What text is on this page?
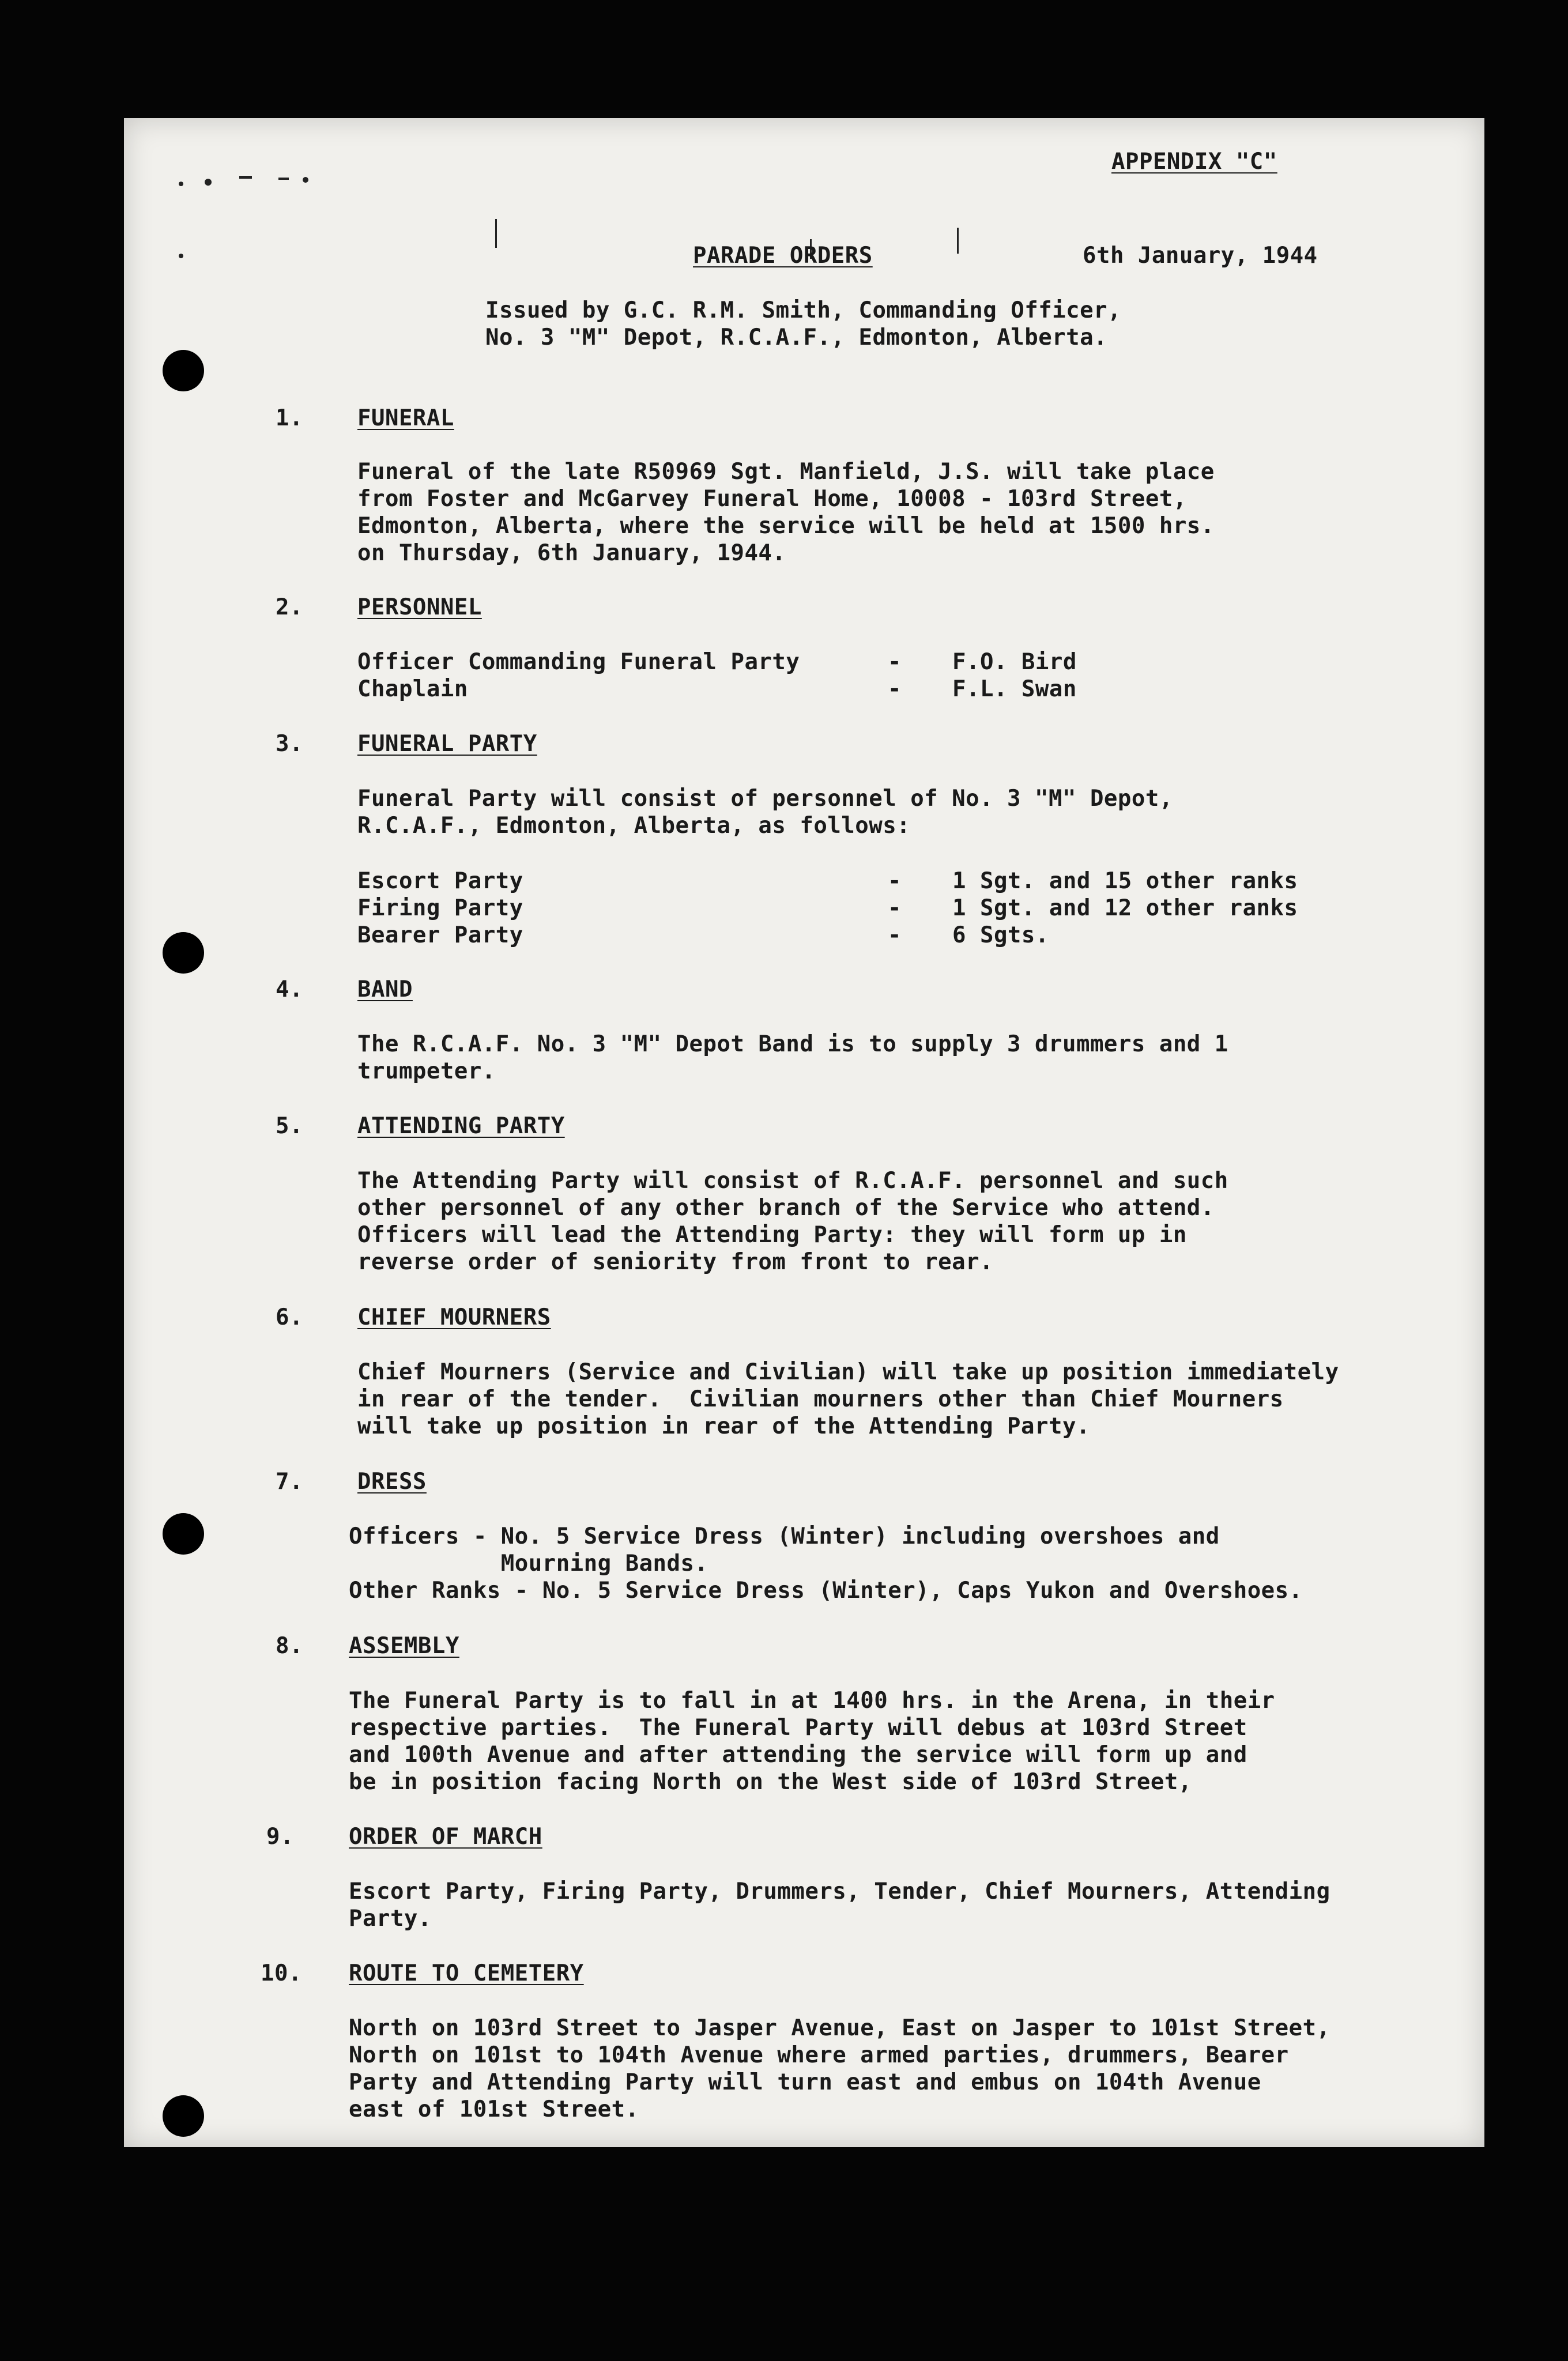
APPENDIX "C"
PARADE ORDERS	6th January, 1944
Issued by G.C. R.M. Smith, Commanding Officer,
No. 3 "M" Depot, R.C.A.F., Edmonton, Alberta.
1.	FUNERAL
Funeral of the late R50969 Sgt. Manfield, J.S. will take place
from Foster and McGarvey Funeral Home, 10008 - 103rd Street,
Edmonton, Alberta, where the service will be held at 1500 hrs.
on Thursday, 6th January, 1944.
2.	PERSONNEL
Officer Commanding Funeral Party	- F.O. Bird
Chaplain	- F.L. Swan
3.	FUNERAL PARTY
Funeral Party will consist of personnel of No. 3 "M" Depot,
R.C.A.F., Edmonton, Alberta, as follows:
Escort Party	- 1 Sgt. and 15 other ranks
Firing Party	- 1 Sgt. and 12 other ranks
Bearer Party	- 6 Sgts.
4.	BAND
The R.C.A.F. No. 3 "M" Depot Band is to supply 3 drummers and 1
trumpeter.
5.	ATTENDING PARTY
The Attending Party will consist of R.C.A.F. personnel and such
other personnel of any other branch of the Service who attend.
Officers will lead the Attending Party: they will form up in
reverse order of seniority from front to rear.
6.	CHIEF MOURNERS
Chief Mourners (Service and Civilian) will take up position immediately
in rear of the tender.  Civilian mourners other than Chief Mourners
will take up position in rear of the Attending Party.
7.	DRESS
Officers - No. 5 Service Dress (Winter) including overshoes and
Mourning Bands.
Other Ranks - No. 5 Service Dress (Winter), Caps Yukon and Overshoes.
8.	ASSEMBLY
The Funeral Party is to fall in at 1400 hrs. in the Arena, in their
respective parties.  The Funeral Party will debus at 103rd Street
and 100th Avenue and after attending the service will form up and
be in position facing North on the West side of 103rd Street,
9.	ORDER OF MARCH
Escort Party, Firing Party, Drummers, Tender, Chief Mourners, Attending
Party.
10.	ROUTE TO CEMETERY
North on 103rd Street to Jasper Avenue, East on Jasper to 101st Street,
North on 101st to 104th Avenue where armed parties, drummers, Bearer
Party and Attending Party will turn east and embus on 104th Avenue
east of 101st Street.
